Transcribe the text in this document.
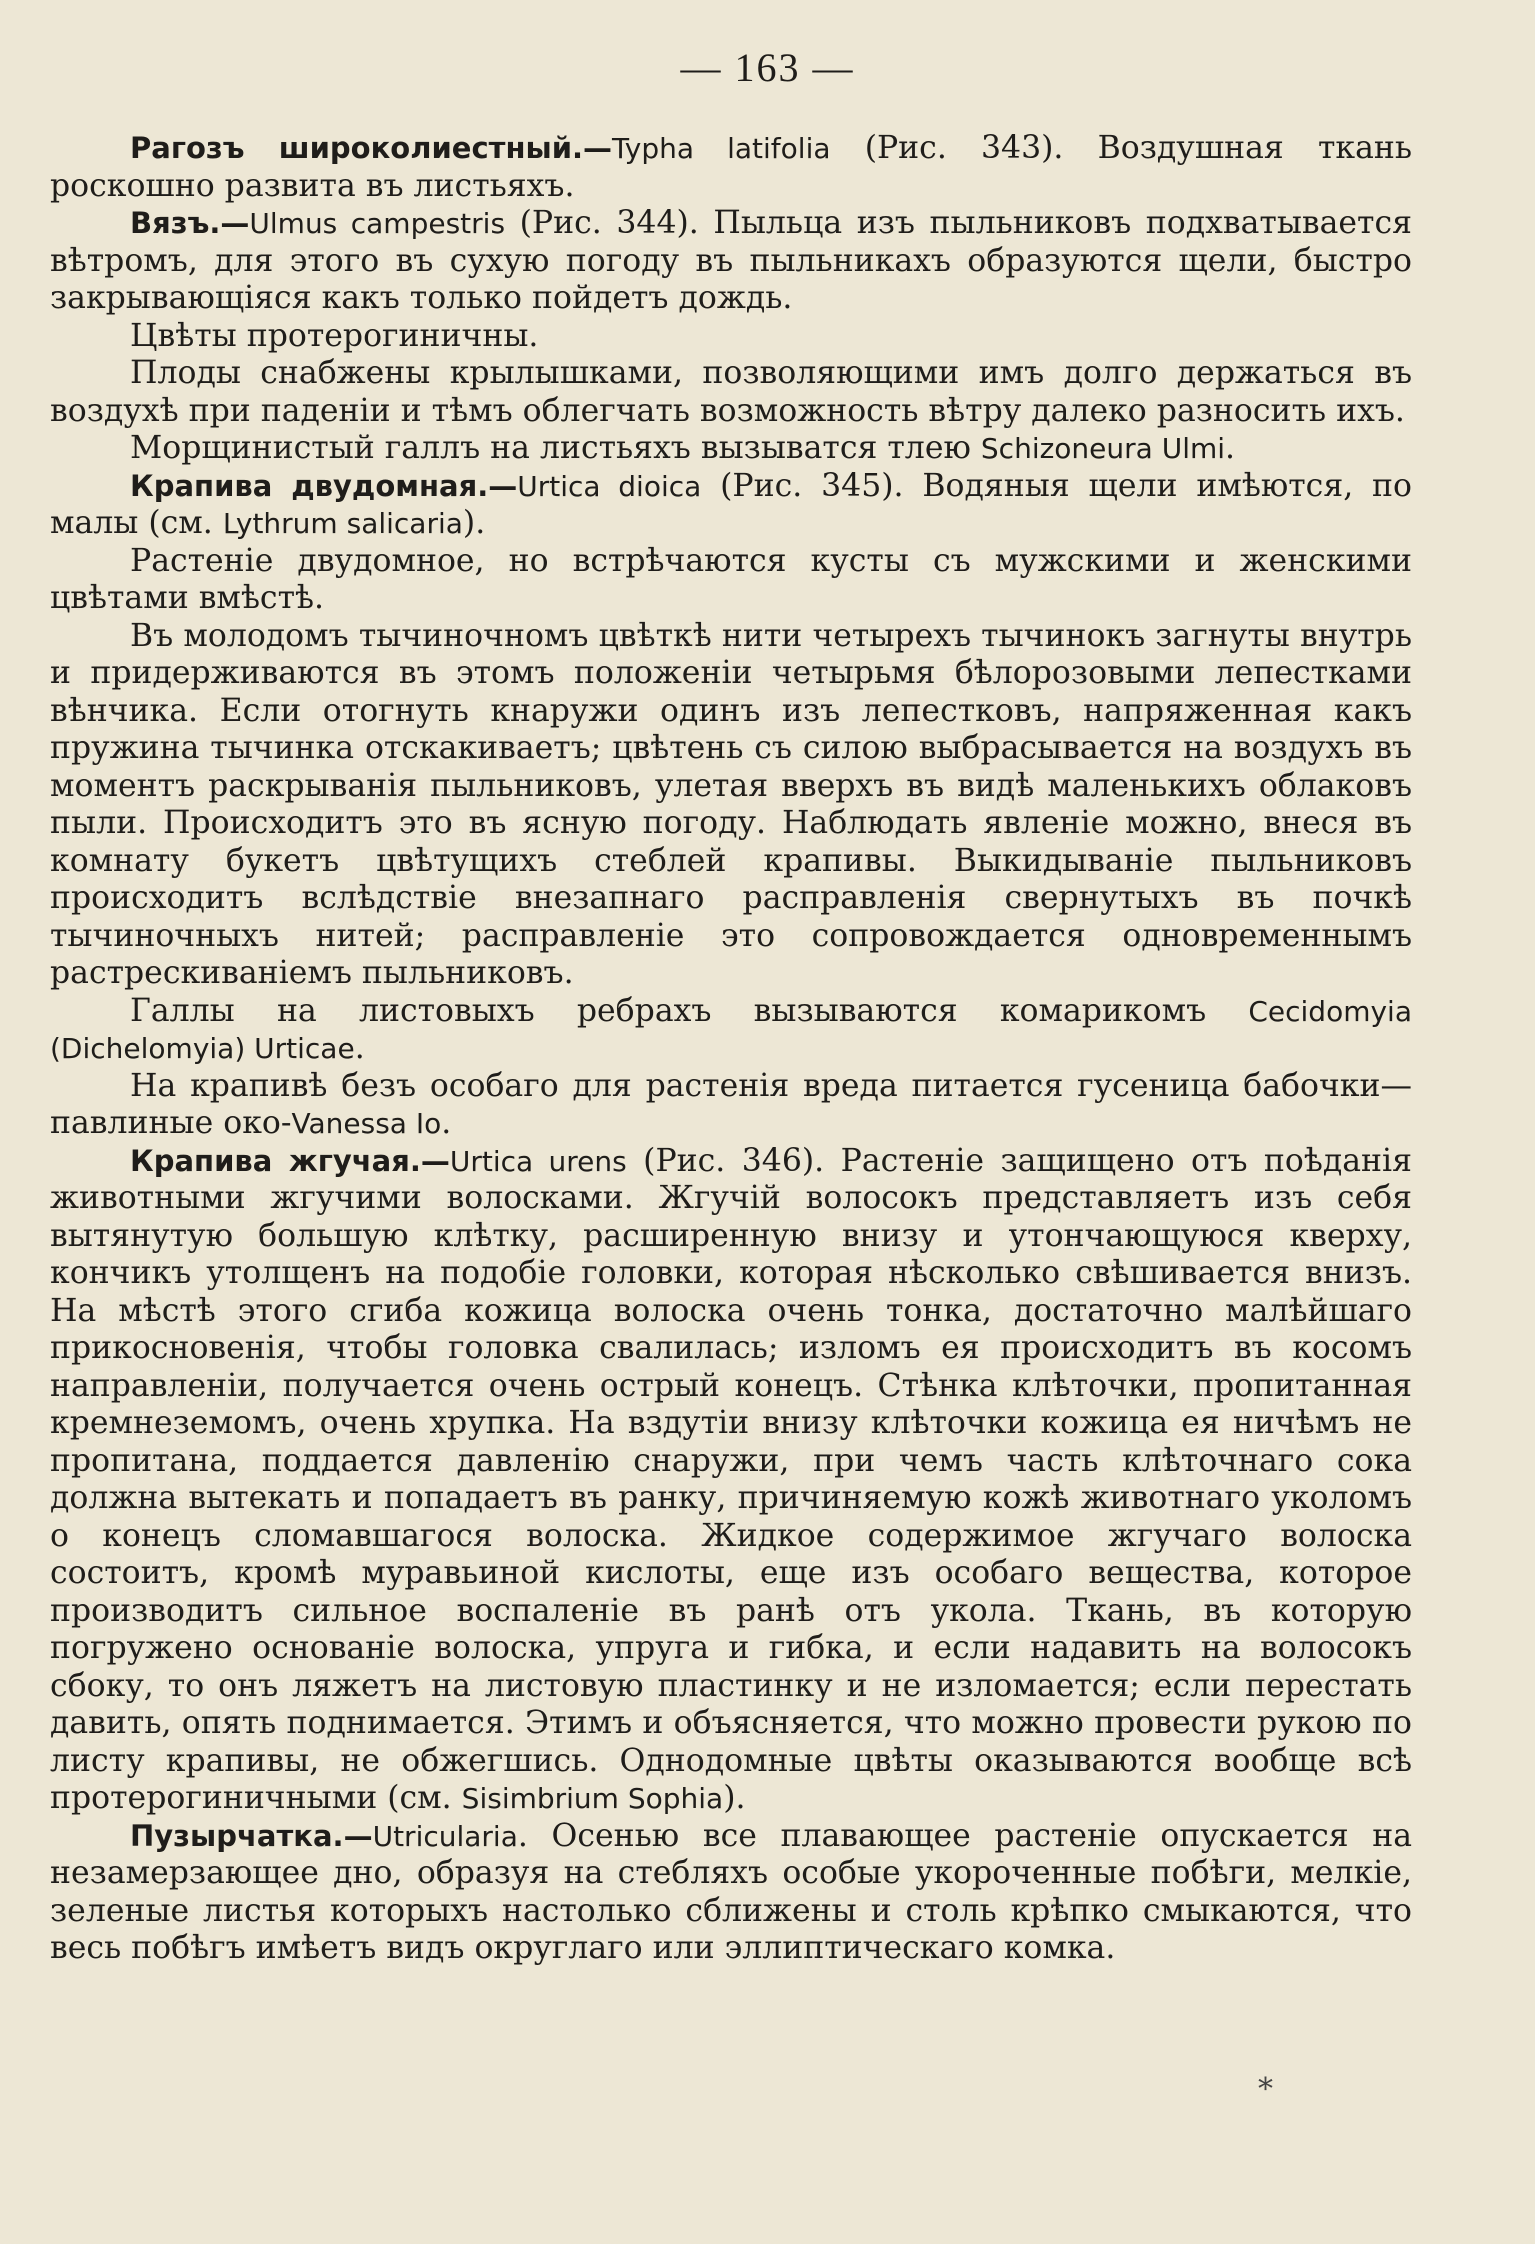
— 163 —

Рагозъ широколиестный.—Typha latifolia (Рис. 343). Воздушная ткань роскошно развита въ листьяхъ.

Вязъ.—Ulmus campestris (Рис. 344). Пыльца изъ пыльниковъ подхватывается вѣтромъ, для этого въ сухую погоду въ пыльникахъ образуются щели, быстро закрывающіяся какъ только пойдетъ дождь.

Цвѣты протерогиничны.

Плоды снабжены крылышками, позволяющими имъ долго держаться въ воздухѣ при паденіи и тѣмъ облегчать возможность вѣтру далеко разносить ихъ.

Морщинистый галлъ на листьяхъ вызыватся тлею Schizoneura Ulmi.

Крапива двудомная.—Urtica dioica (Рис. 345). Водяныя щели имѣются, по малы (см. Lythrum salicaria).

Растеніе двудомное, но встрѣчаются кусты съ мужскими и женскими цвѣтами вмѣстѣ.

Въ молодомъ тычиночномъ цвѣткѣ нити четырехъ тычинокъ загнуты внутрь и придерживаются въ этомъ положеніи четырьмя бѣлорозовыми лепестками вѣнчика. Если отогнуть кнаружи одинъ изъ лепестковъ, напряженная какъ пружина тычинка отскакиваетъ; цвѣтень съ силою выбрасывается на воздухъ въ моментъ раскрыванія пыльниковъ, улетая вверхъ въ видѣ маленькихъ облаковъ пыли. Происходитъ это въ ясную погоду. Наблюдать явленіе можно, внеся въ комнату букетъ цвѣтущихъ стеблей крапивы. Выкидываніе пыльниковъ происходитъ вслѣдствіе внезапнаго расправленія свернутыхъ въ почкѣ тычиночныхъ нитей; расправленіе это сопровождается одновременнымъ растрескиваніемъ пыльниковъ.

Галлы на листовыхъ ребрахъ вызываются комарикомъ Cecidomyia (Dichelomyia) Urticae.

На крапивѣ безъ особаго для растенія вреда питается гусеница бабочки—павлиные око-Vanessa Io.

Крапива жгучая.—Urtica urens (Рис. 346). Растеніе защищено отъ поѣданія животными жгучими волосками. Жгучій волосокъ представляетъ изъ себя вытянутую большую клѣтку, расширенную внизу и утончающуюся кверху, кончикъ утолщенъ на подобіе головки, которая нѣсколько свѣшивается внизъ. На мѣстѣ этого сгиба кожица волоска очень тонка, достаточно малѣйшаго прикосновенія, чтобы головка свалилась; изломъ ея происходитъ въ косомъ направленіи, получается очень острый конецъ. Стѣнка клѣточки, пропитанная кремнеземомъ, очень хрупка. На вздутіи внизу клѣточки кожица ея ничѣмъ не пропитана, поддается давленію снаружи, при чемъ часть клѣточнаго сока должна вытекать и попадаетъ въ ранку, причиняемую кожѣ животнаго уколомъ о конецъ сломавшагося волоска. Жидкое содержимое жгучаго волоска состоитъ, кромѣ муравьиной кислоты, еще изъ особаго вещества, которое производитъ сильное воспаленіе въ ранѣ отъ укола. Ткань, въ которую погружено основаніе волоска, упруга и гибка, и если надавить на волосокъ сбоку, то онъ ляжетъ на листовую пластинку и не изломается; если перестать давить, опять поднимается. Этимъ и объясняется, что можно провести рукою по листу крапивы, не обжегшись. Однодомные цвѣты оказываются вообще всѣ протерогиничными (см. Sisimbrium Sophia).

Пузырчатка.—Utricularia. Осенью все плавающее растеніе опускается на незамерзающее дно, образуя на стебляхъ особые укороченные побѣги, мелкіе, зеленые листья которыхъ настолько сближены и столь крѣпко смыкаются, что весь побѣгъ имѣетъ видъ округлаго или эллиптическаго комка.

*
